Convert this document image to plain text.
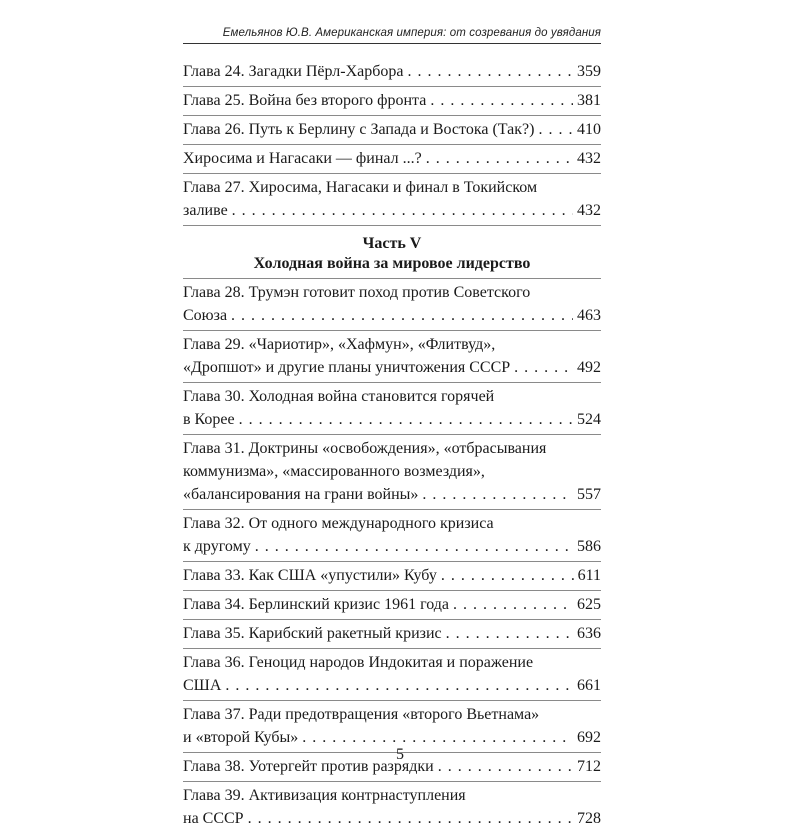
Емельянов Ю.В. Американская империя: от созревания до увядания
Глава 24. Загадки Пёрл-Харбора . . .	359
Глава 25. Война без второго фронта . . .	381
Глава 26. Путь к Берлину с Запада и Востока (Так?) . . .	410
Хиросима и Нагасаки — финал ...? . . .	432
Глава 27. Хиросима, Нагасаки и финал в Токийском
заливе . . .	432
Часть V
Холодная война за мировое лидерство
Глава 28. Трумэн готовит поход против Советского
Союза . . .	463
Глава 29. «Чариотир», «Хафмун», «Флитвуд»,
«Дропшот» и другие планы уничтожения СССР . . .	492
Глава 30. Холодная война становится горячей
в Корее . . .	524
Глава 31. Доктрины «освобождения», «отбрасывания
коммунизма», «массированного возмездия»,
«балансирования на грани войны» . . .	557
Глава 32. От одного международного кризиса
к другому . . .	586
Глава 33. Как США «упустили» Кубу . . .	611
Глава 34. Берлинский кризис 1961 года . . .	625
Глава 35. Карибский ракетный кризис . . .	636
Глава 36. Геноцид народов Индокитая и поражение
США . . .	661
Глава 37. Ради предотвращения «второго Вьетнама»
и «второй Кубы» . . .	692
Глава 38. Уотергейт против разрядки . . .	712
Глава 39. Активизация контрнаступления
на СССР . . .	728
5
